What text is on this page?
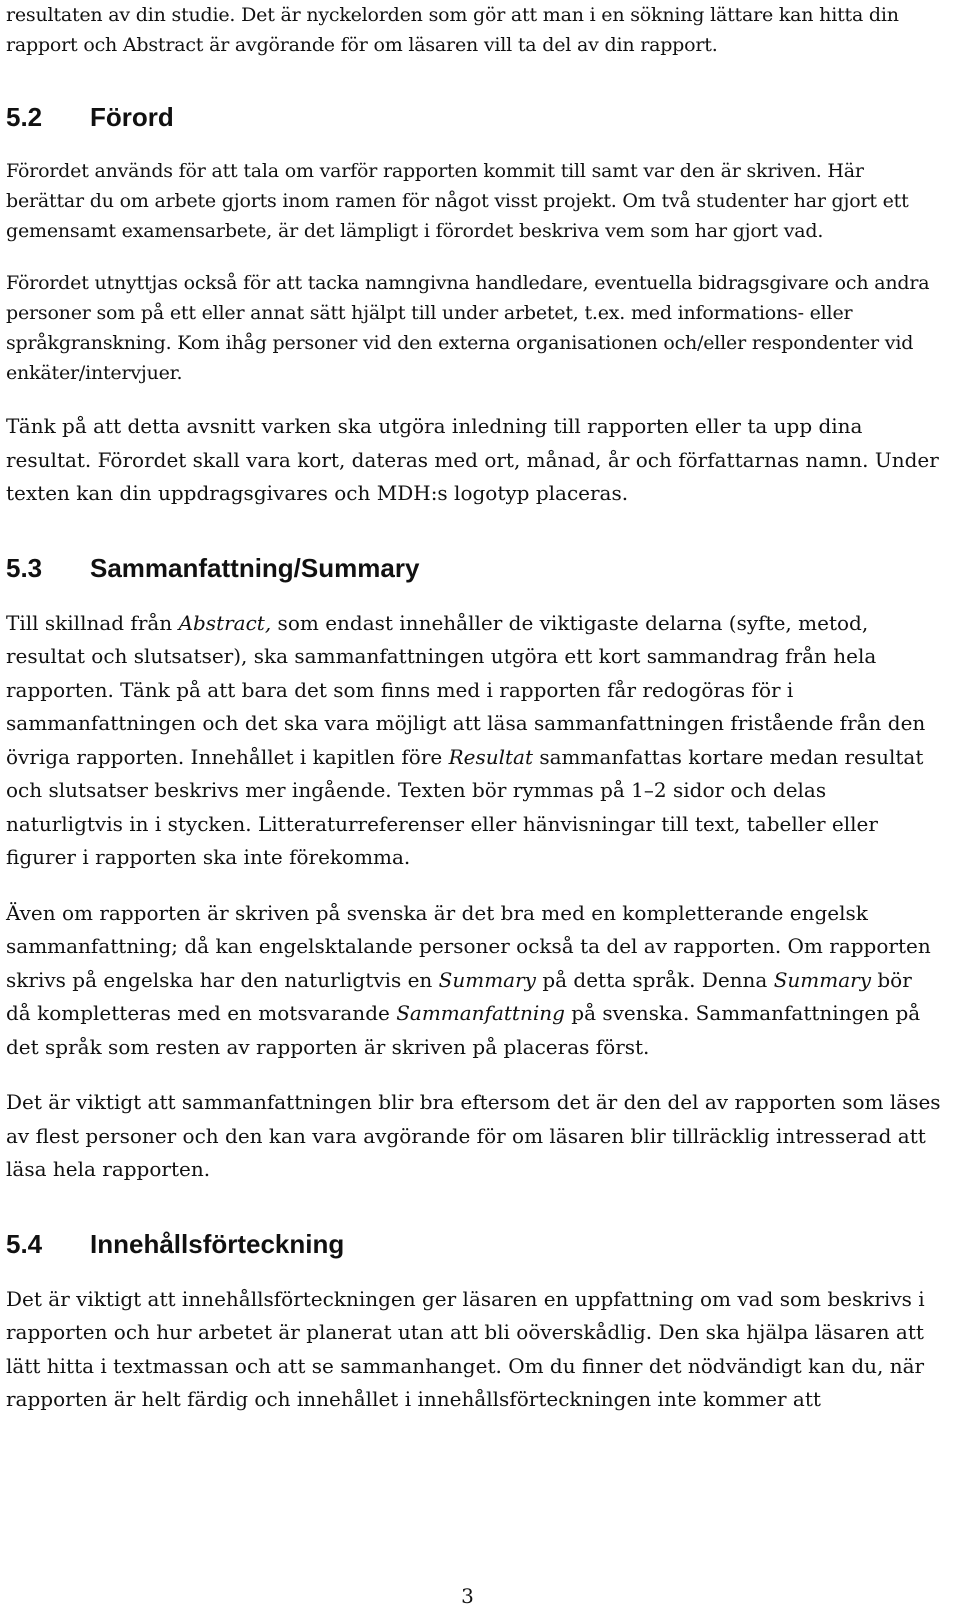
resultaten av din studie. Det är nyckelorden som gör att man i en sökning lättare kan hitta din rapport och Abstract är avgörande för om läsaren vill ta del av din rapport.

5.2	Förord

Förordet används för att tala om varför rapporten kommit till samt var den är skriven. Här berättar du om arbete gjorts inom ramen för något visst projekt. Om två studenter har gjort ett gemensamt examensarbete, är det lämpligt i förordet beskriva vem som har gjort vad.

Förordet utnyttjas också för att tacka namngivna handledare, eventuella bidragsgivare och andra personer som på ett eller annat sätt hjälpt till under arbetet, t.ex. med informations- eller språkgranskning. Kom ihåg personer vid den externa organisationen och/eller respondenter vid enkäter/intervjuer.

Tänk på att detta avsnitt varken ska utgöra inledning till rapporten eller ta upp dina resultat. Förordet skall vara kort, dateras med ort, månad, år och författarnas namn. Under texten kan din uppdragsgivares och MDH:s logotyp placeras.

5.3	Sammanfattning/Summary

Till skillnad från Abstract, som endast innehåller de viktigaste delarna (syfte, metod, resultat och slutsatser), ska sammanfattningen utgöra ett kort sammandrag från hela rapporten. Tänk på att bara det som finns med i rapporten får redogöras för i sammanfattningen och det ska vara möjligt att läsa sammanfattningen fristående från den övriga rapporten. Innehållet i kapitlen före Resultat sammanfattas kortare medan resultat och slutsatser beskrivs mer ingående. Texten bör rymmas på 1–2 sidor och delas naturligtvis in i stycken. Litteraturreferenser eller hänvisningar till text, tabeller eller figurer i rapporten ska inte förekomma.

Även om rapporten är skriven på svenska är det bra med en kompletterande engelsk sammanfattning; då kan engelsktalande personer också ta del av rapporten. Om rapporten skrivs på engelska har den naturligtvis en Summary på detta språk. Denna Summary bör då kompletteras med en motsvarande Sammanfattning på svenska. Sammanfattningen på det språk som resten av rapporten är skriven på placeras först.

Det är viktigt att sammanfattningen blir bra eftersom det är den del av rapporten som läses av flest personer och den kan vara avgörande för om läsaren blir tillräcklig intresserad att läsa hela rapporten.

5.4	Innehållsförteckning

Det är viktigt att innehållsförteckningen ger läsaren en uppfattning om vad som beskrivs i rapporten och hur arbetet är planerat utan att bli oöverskådlig. Den ska hjälpa läsaren att lätt hitta i textmassan och att se sammanhanget. Om du finner det nödvändigt kan du, när rapporten är helt färdig och innehållet i innehållsförteckningen inte kommer att

3
